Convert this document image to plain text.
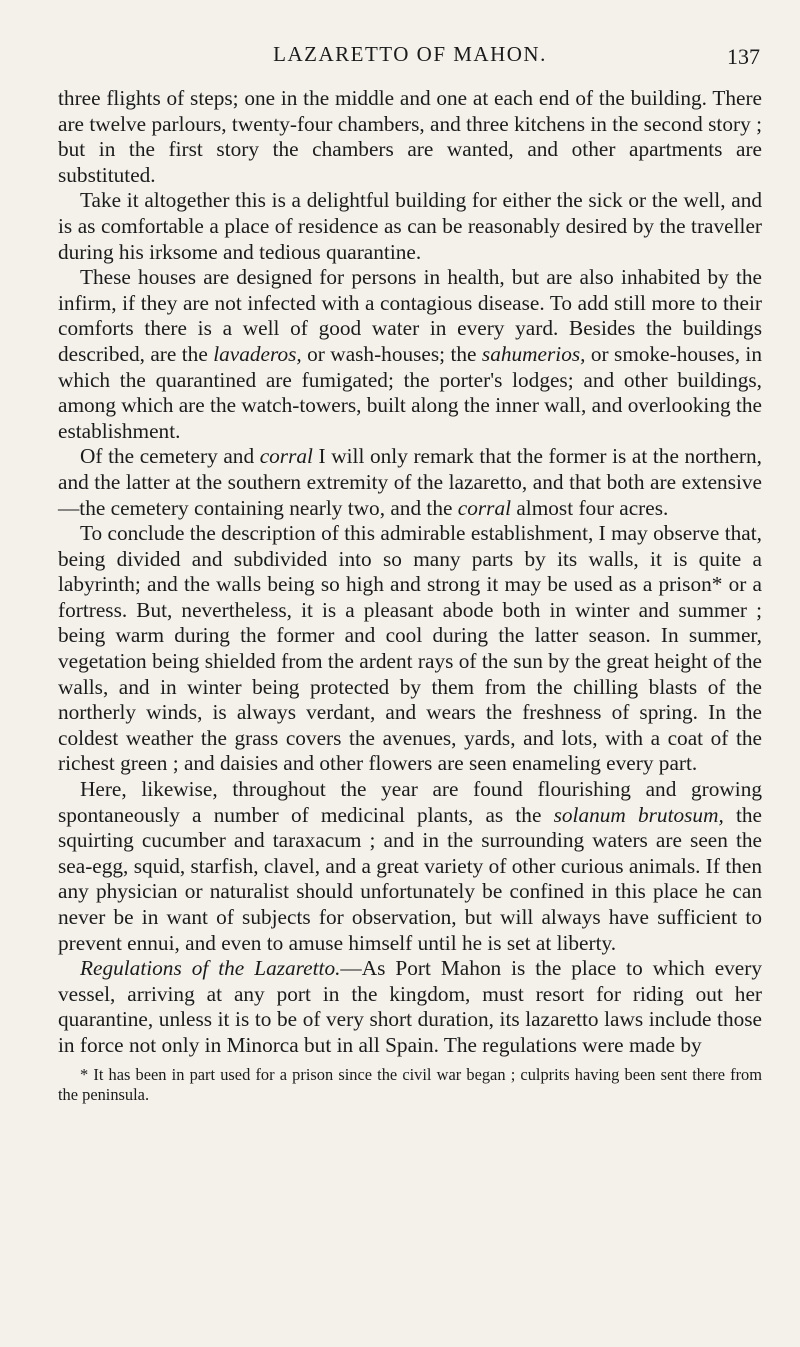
LAZARETTO OF MAHON.	137

three flights of steps; one in the middle and one at each end of the building. There are twelve parlours, twenty-four chambers, and three kitchens in the second story ; but in the first story the chambers are wanted, and other apartments are substituted.

Take it altogether this is a delightful building for either the sick or the well, and is as comfortable a place of residence as can be reasonably desired by the traveller during his irksome and tedious quarantine.

These houses are designed for persons in health, but are also inhabited by the infirm, if they are not infected with a contagious disease. To add still more to their comforts there is a well of good water in every yard. Besides the buildings described, are the lavaderos, or wash-houses; the sahumerios, or smoke-houses, in which the quarantined are fumigated; the porter's lodges; and other buildings, among which are the watch-towers, built along the inner wall, and overlooking the establishment.

Of the cemetery and corral I will only remark that the former is at the northern, and the latter at the southern extremity of the lazaretto, and that both are extensive—the cemetery containing nearly two, and the corral almost four acres.

To conclude the description of this admirable establishment, I may observe that, being divided and subdivided into so many parts by its walls, it is quite a labyrinth; and the walls being so high and strong it may be used as a prison* or a fortress. But, nevertheless, it is a pleasant abode both in winter and summer ; being warm during the former and cool during the latter season. In summer, vegetation being shielded from the ardent rays of the sun by the great height of the walls, and in winter being protected by them from the chilling blasts of the northerly winds, is always verdant, and wears the freshness of spring. In the coldest weather the grass covers the avenues, yards, and lots, with a coat of the richest green ; and daisies and other flowers are seen enameling every part.

Here, likewise, throughout the year are found flourishing and growing spontaneously a number of medicinal plants, as the solanum brutosum, the squirting cucumber and taraxacum ; and in the surrounding waters are seen the sea-egg, squid, starfish, clavel, and a great variety of other curious animals. If then any physician or naturalist should unfortunately be confined in this place he can never be in want of subjects for observation, but will always have sufficient to prevent ennui, and even to amuse himself until he is set at liberty.

Regulations of the Lazaretto.—As Port Mahon is the place to which every vessel, arriving at any port in the kingdom, must resort for riding out her quarantine, unless it is to be of very short duration, its lazaretto laws include those in force not only in Minorca but in all Spain. The regulations were made by

* It has been in part used for a prison since the civil war began ; culprits having been sent there from the peninsula.
